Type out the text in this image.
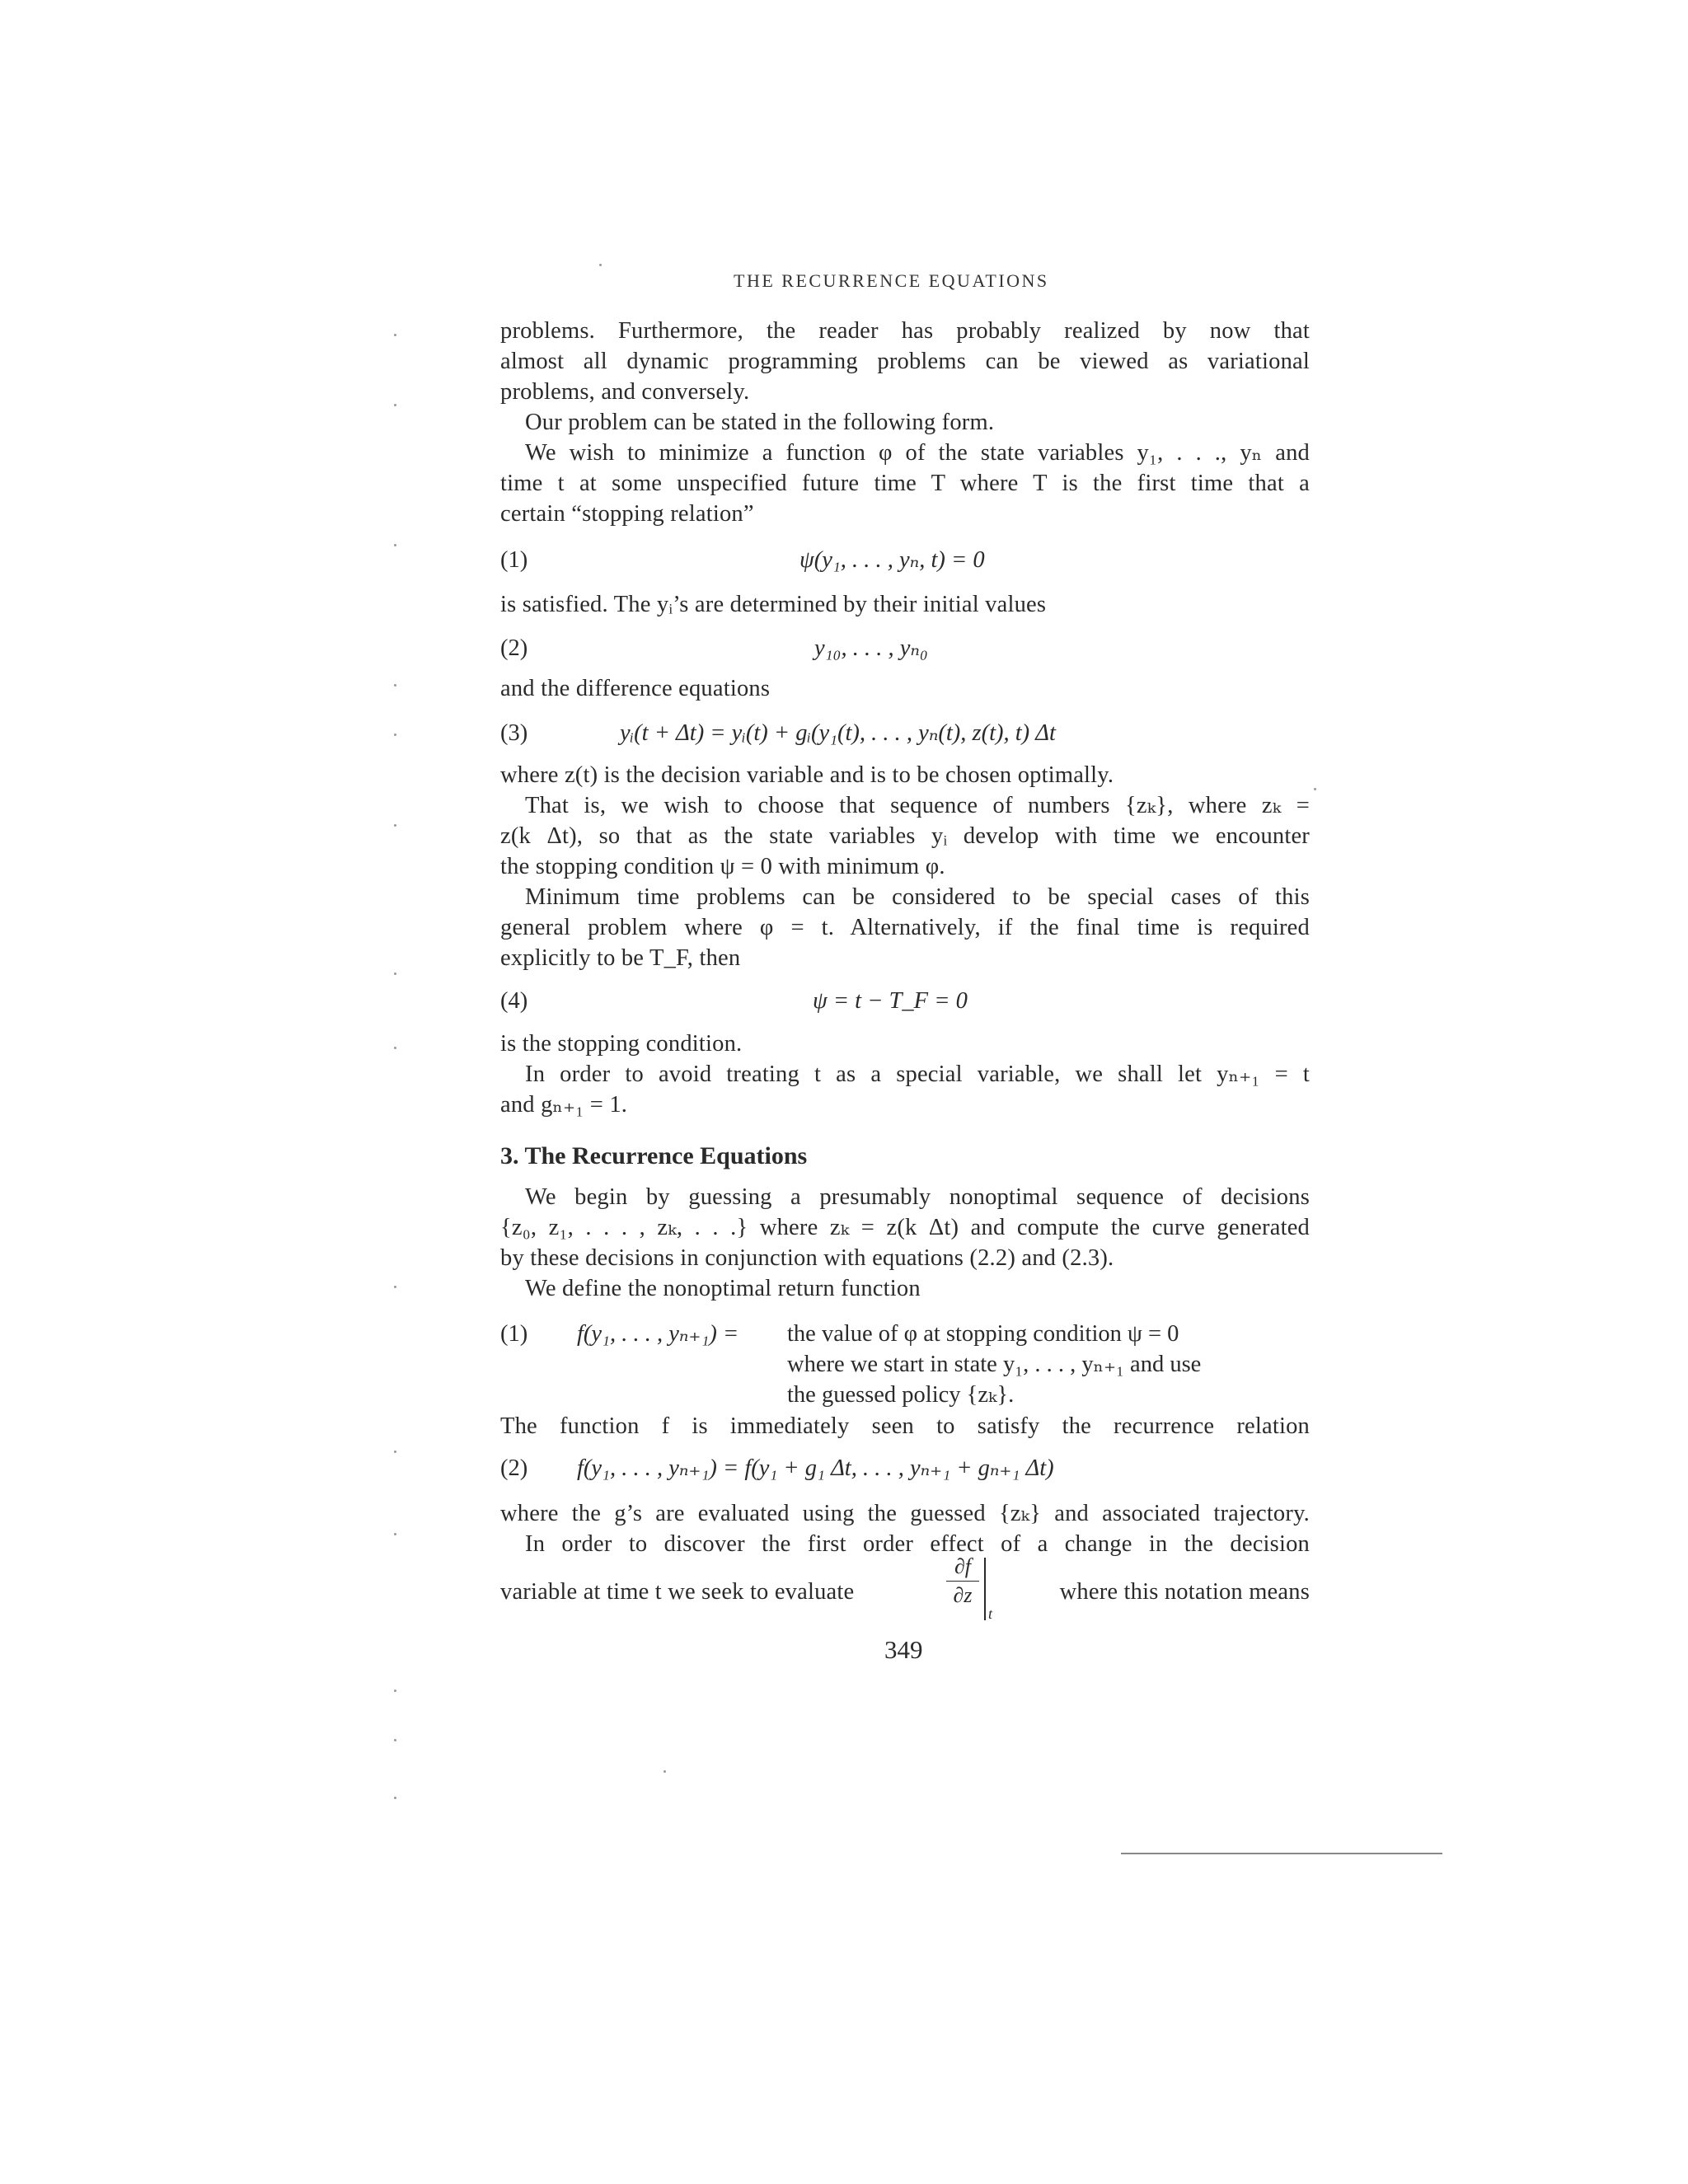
THE RECURRENCE EQUATIONS
problems. Furthermore, the reader has probably realized by now that
almost all dynamic programming problems can be viewed as variational
problems, and conversely.
Our problem can be stated in the following form.
We wish to minimize a function φ of the state variables y₁, . . ., yₙ and
time t at some unspecified future time T where T is the first time that a
certain “stopping relation”
(1)	ψ(y₁, . . . , yₙ, t) = 0
is satisfied. The yᵢ’s are determined by their initial values
(2)	y₁₀, . . . , yₙ₀
and the difference equations
(3)	yᵢ(t + Δt) = yᵢ(t) + gᵢ(y₁(t), . . . , yₙ(t), z(t), t) Δt
where z(t) is the decision variable and is to be chosen optimally.
That is, we wish to choose that sequence of numbers {zₖ}, where zₖ =
z(k Δt), so that as the state variables yᵢ develop with time we encounter
the stopping condition ψ = 0 with minimum φ.
Minimum time problems can be considered to be special cases of this
general problem where φ = t. Alternatively, if the final time is required
explicitly to be T_F, then
(4)	ψ = t − T_F = 0
is the stopping condition.
In order to avoid treating t as a special variable, we shall let yₙ₊₁ = t
and gₙ₊₁ = 1.
3. The Recurrence Equations
We begin by guessing a presumably nonoptimal sequence of decisions
{z₀, z₁, . . . , zₖ, . . .} where zₖ = z(k Δt) and compute the curve generated
by these decisions in conjunction with equations (2.2) and (2.3).
We define the nonoptimal return function
(1) f(y₁, . . . , yₙ₊₁) = the value of φ at stopping condition ψ = 0
where we start in state y₁, . . . , yₙ₊₁ and use
the guessed policy {zₖ}.
The function f is immediately seen to satisfy the recurrence relation
(2) f(y₁, . . . , yₙ₊₁) = f(y₁ + g₁ Δt, . . . , yₙ₊₁ + gₙ₊₁ Δt)
where the g’s are evaluated using the guessed {zₖ} and associated trajectory.
In order to discover the first order effect of a change in the decision
variable at time t we seek to evaluate
∂f
∂z
t
where this notation means
349
